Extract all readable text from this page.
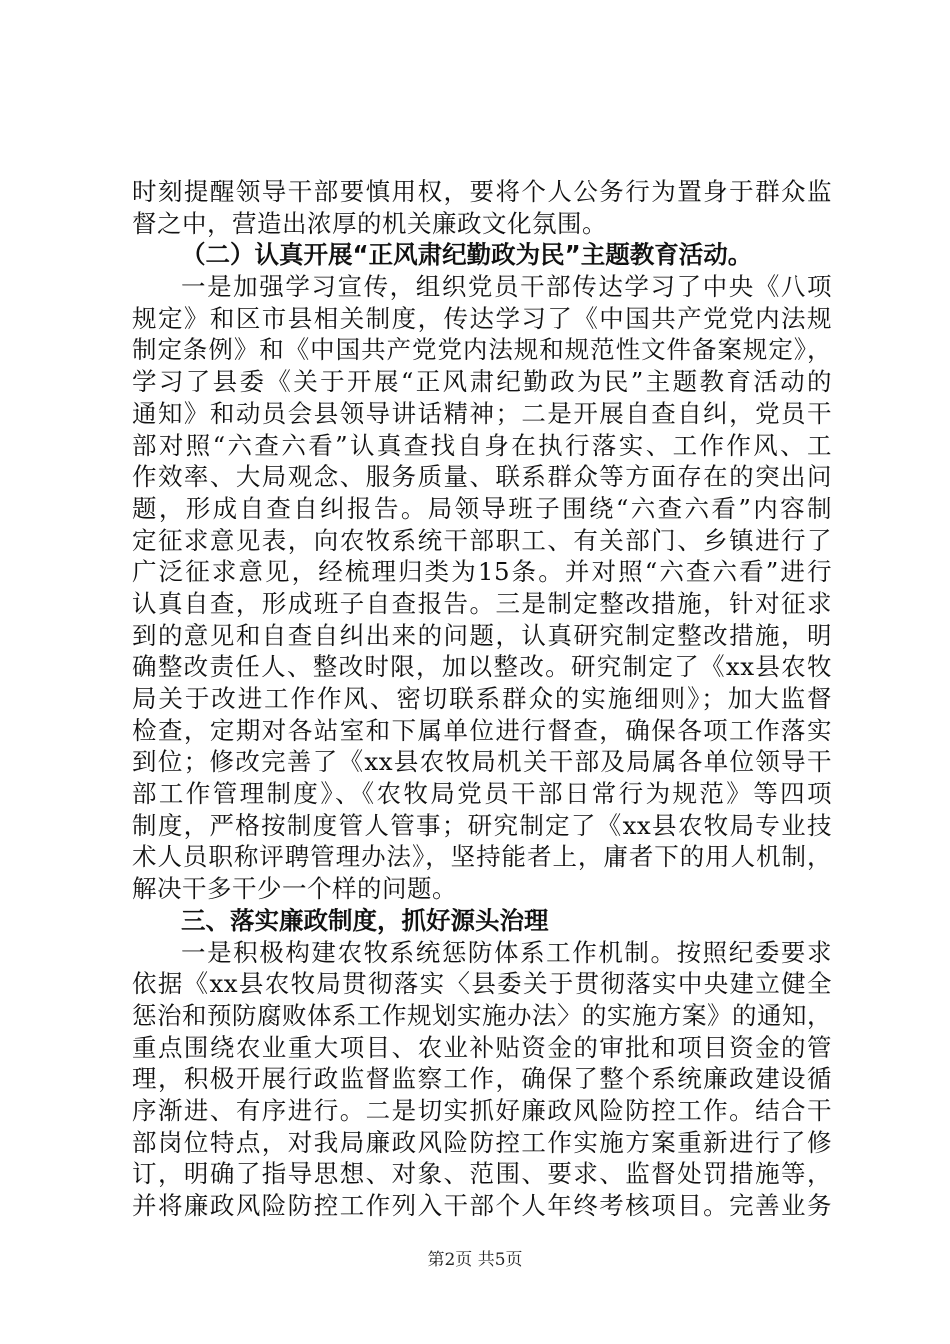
时刻提醒领导干部要慎用权，要将个人公务行为置身于群众监
督之中，营造出浓厚的机关廉政文化氛围。
（二）认真开展“正风肃纪勤政为民”主题教育活动。
一是加强学习宣传，组织党员干部传达学习了中央《八项
规定》和区市县相关制度，传达学习了《中国共产党党内法规
制定条例》和《中国共产党党内法规和规范性文件备案规定》，
学习了县委《关于开展“正风肃纪勤政为民”主题教育活动的
通知》和动员会县领导讲话精神；二是开展自查自纠，党员干
部对照“六查六看”认真查找自身在执行落实、工作作风、工
作效率、大局观念、服务质量、联系群众等方面存在的突出问
题，形成自查自纠报告。局领导班子围绕“六查六看”内容制
定征求意见表，向农牧系统干部职工、有关部门、乡镇进行了
广泛征求意见，经梳理归类为15条。并对照“六查六看”进行
认真自查，形成班子自查报告。三是制定整改措施，针对征求
到的意见和自查自纠出来的问题，认真研究制定整改措施，明
确整改责任人、整改时限，加以整改。研究制定了《xx县农牧
局关于改进工作作风、密切联系群众的实施细则》；加大监督
检查，定期对各站室和下属单位进行督查，确保各项工作落实
到位；修改完善了《xx县农牧局机关干部及局属各单位领导干
部工作管理制度》、《农牧局党员干部日常行为规范》等四项
制度，严格按制度管人管事；研究制定了《xx县农牧局专业技
术人员职称评聘管理办法》，坚持能者上，庸者下的用人机制，
解决干多干少一个样的问题。
三、落实廉政制度，抓好源头治理
一是积极构建农牧系统惩防体系工作机制。按照纪委要求
依据《xx县农牧局贯彻落实〈县委关于贯彻落实中央建立健全
惩治和预防腐败体系工作规划实施办法〉的实施方案》的通知，
重点围绕农业重大项目、农业补贴资金的审批和项目资金的管
理，积极开展行政监督监察工作，确保了整个系统廉政建设循
序渐进、有序进行。二是切实抓好廉政风险防控工作。结合干
部岗位特点，对我局廉政风险防控工作实施方案重新进行了修
订，明确了指导思想、对象、范围、要求、监督处罚措施等，
并将廉政风险防控工作列入干部个人年终考核项目。完善业务
第2页 共5页
